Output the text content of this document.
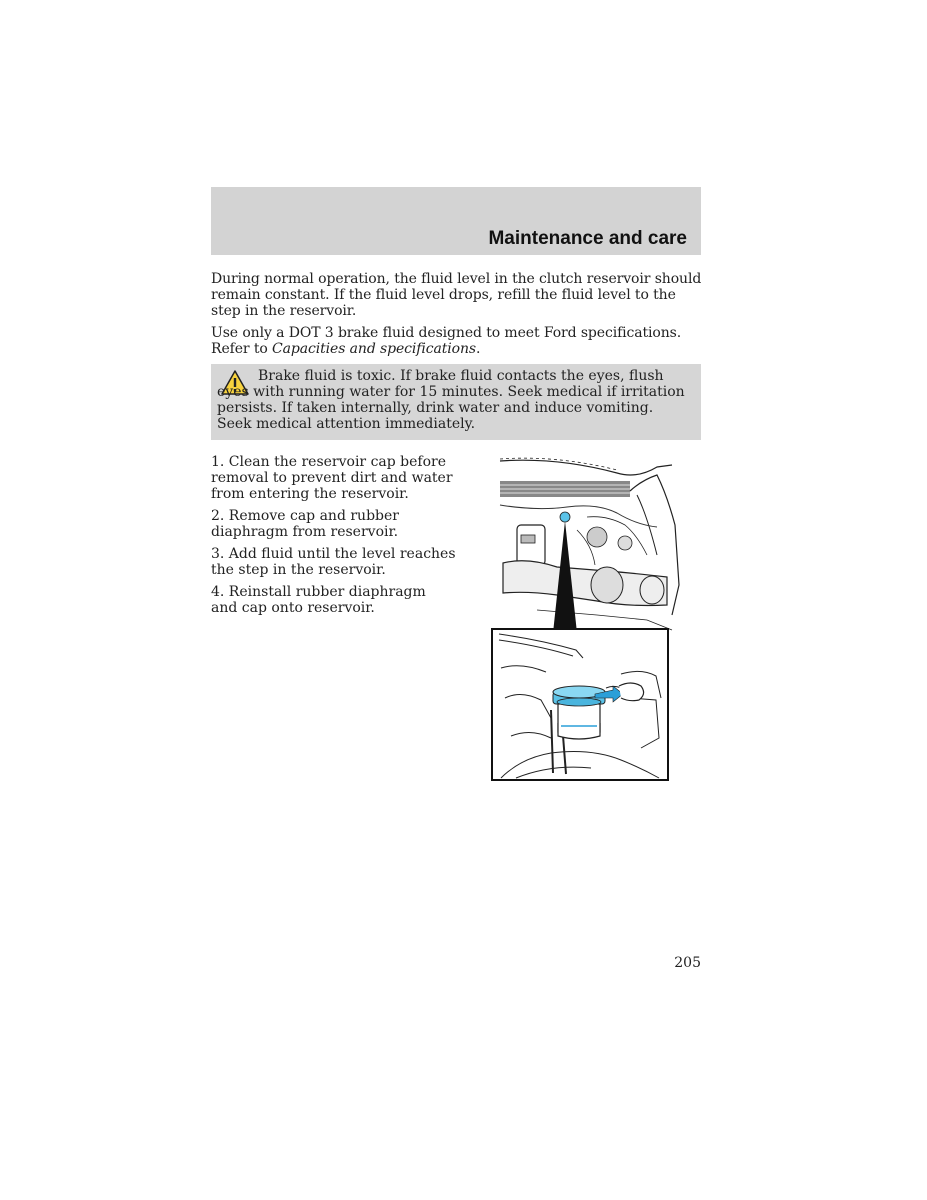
Maintenance and care

During normal operation, the fluid level in the clutch reservoir should remain constant. If the fluid level drops, refill the fluid level to the step in the reservoir.

Use only a DOT 3 brake fluid designed to meet Ford specifications. Refer to Capacities and specifications.

Brake fluid is toxic. If brake fluid contacts the eyes, flush eyes with running water for 15 minutes. Seek medical if irritation persists. If taken internally, drink water and induce vomiting. Seek medical attention immediately.

1. Clean the reservoir cap before removal to prevent dirt and water from entering the reservoir.

2. Remove cap and rubber diaphragm from reservoir.

3. Add fluid until the level reaches the step in the reservoir.

4. Reinstall rubber diaphragm and cap onto reservoir.

205
